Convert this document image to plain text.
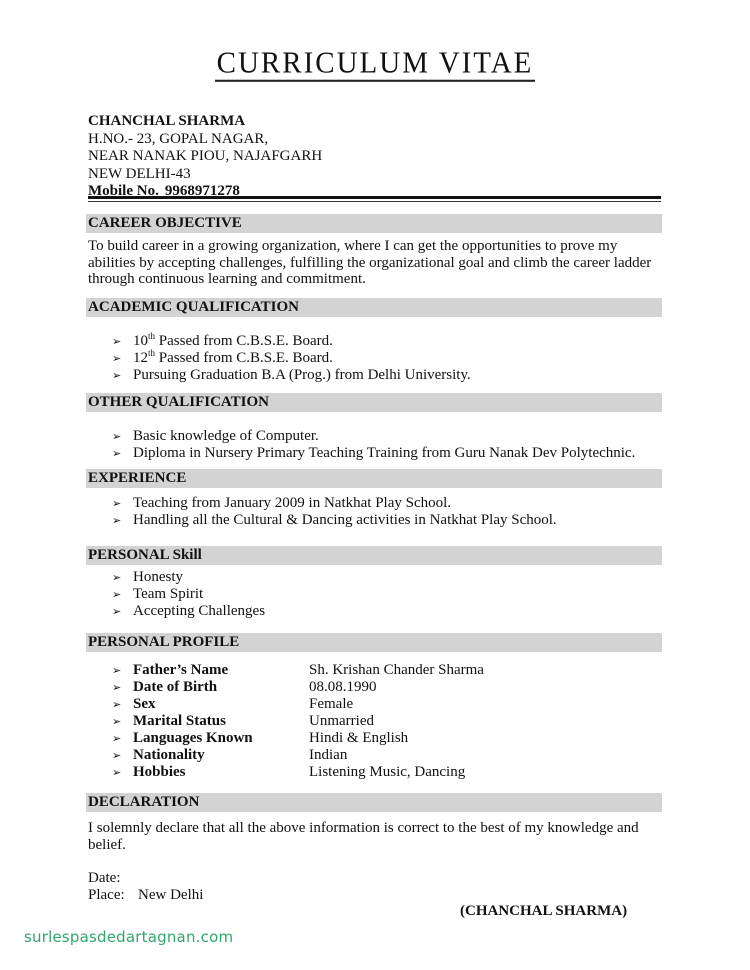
CURRICULUM VITAE
CHANCHAL SHARMA
H.NO.- 23, GOPAL NAGAR,
NEAR NANAK PIOU, NAJAFGARH
NEW DELHI-43
Mobile No. 9968971278
CAREER OBJECTIVE
To build career in a growing organization, where I can get the opportunities to prove my abilities by accepting challenges, fulfilling the organizational goal and climb the career ladder through continuous learning and commitment.
ACADEMIC QUALIFICATION
➢ 10th Passed from C.B.S.E. Board.
➢ 12th Passed from C.B.S.E. Board.
➢ Pursuing Graduation B.A (Prog.) from Delhi University.
OTHER QUALIFICATION
➢ Basic knowledge of Computer.
➢ Diploma in Nursery Primary Teaching Training from Guru Nanak Dev Polytechnic.
EXPERIENCE
➢ Teaching from January 2009 in Natkhat Play School.
➢ Handling all the Cultural & Dancing activities in Natkhat Play School.
PERSONAL Skill
➢ Honesty
➢ Team Spirit
➢ Accepting Challenges
PERSONAL PROFILE
➢ Father’s Name	Sh. Krishan Chander Sharma
➢ Date of Birth	08.08.1990
➢ Sex	Female
➢ Marital Status	Unmarried
➢ Languages Known	Hindi & English
➢ Nationality	Indian
➢ Hobbies	Listening Music, Dancing
DECLARATION
I solemnly declare that all the above information is correct to the best of my knowledge and belief.
Date:
Place: New Delhi
(CHANCHAL SHARMA)
surlespasdedartagnan.com
